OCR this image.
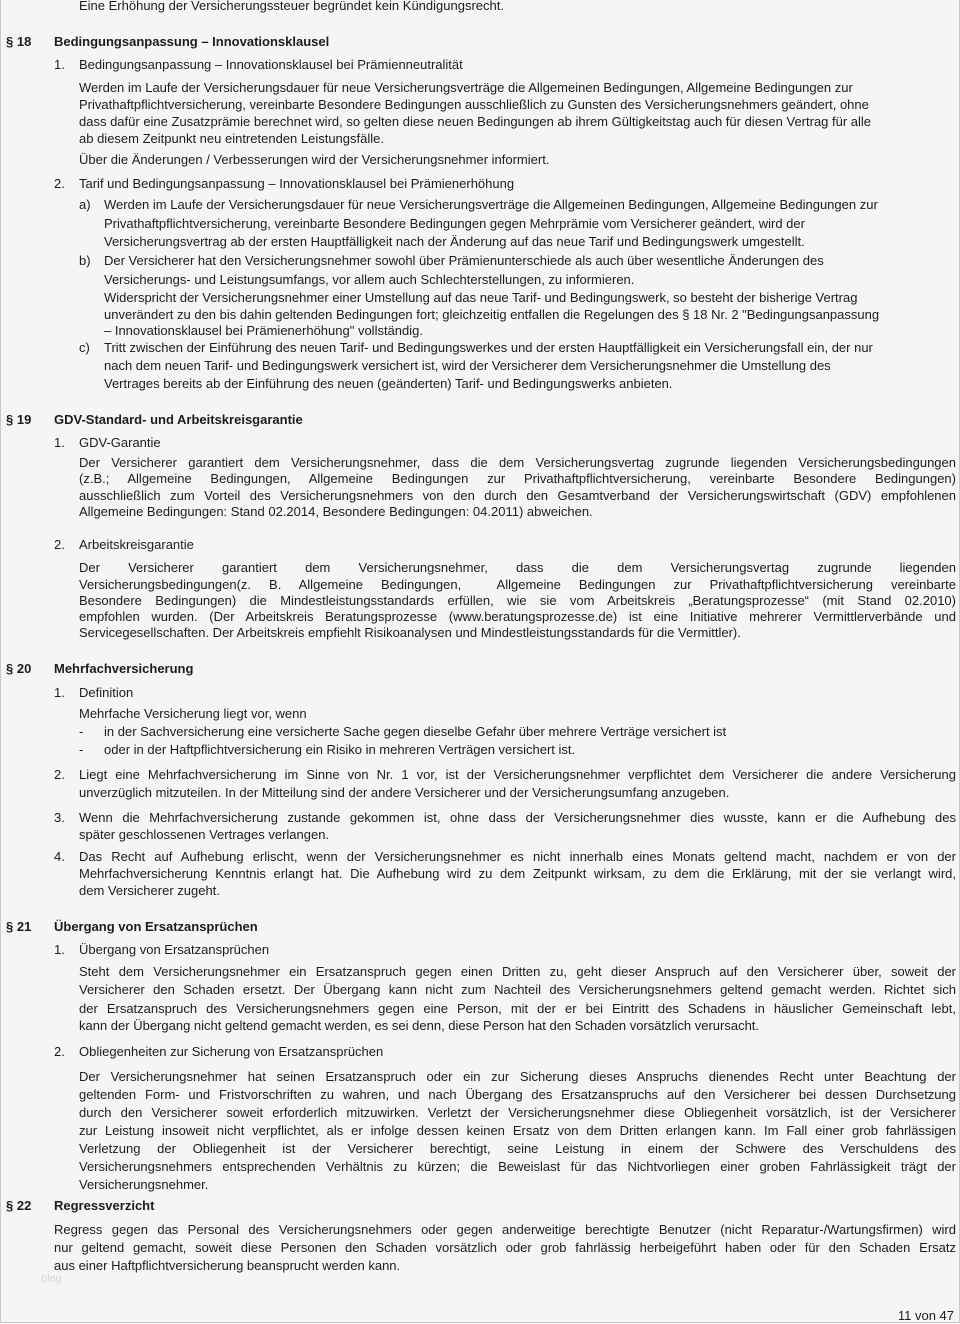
Eine Erhöhung der Versicherungssteuer begründet kein Kündigungsrecht.
§ 18 Bedingungsanpassung – Innovationsklausel
1. Bedingungsanpassung – Innovationsklausel bei Prämienneutralität
Werden im Laufe der Versicherungsdauer für neue Versicherungsverträge die Allgemeinen Bedingungen, Allgemeine Bedingungen zur
Privathaftpflichtversicherung, vereinbarte Besondere Bedingungen ausschließlich zu Gunsten des Versicherungsnehmers geändert, ohne
dass dafür eine Zusatzprämie berechnet wird, so gelten diese neuen Bedingungen ab ihrem Gültigkeitstag auch für diesen Vertrag für alle
ab diesem Zeitpunkt neu eintretenden Leistungsfälle.
Über die Änderungen / Verbesserungen wird der Versicherungsnehmer informiert.
2. Tarif und Bedingungsanpassung – Innovationsklausel bei Prämienerhöhung
a) Werden im Laufe der Versicherungsdauer für neue Versicherungsverträge die Allgemeinen Bedingungen, Allgemeine Bedingungen zur
Privathaftpflichtversicherung, vereinbarte Besondere Bedingungen gegen Mehrprämie vom Versicherer geändert, wird der
Versicherungsvertrag ab der ersten Hauptfälligkeit nach der Änderung auf das neue Tarif und Bedingungswerk umgestellt.
b) Der Versicherer hat den Versicherungsnehmer sowohl über Prämienunterschiede als auch über wesentliche Änderungen des
Versicherungs- und Leistungsumfangs, vor allem auch Schlechterstellungen, zu informieren.
Widerspricht der Versicherungsnehmer einer Umstellung auf das neue Tarif- und Bedingungswerk, so besteht der bisherige Vertrag
unverändert zu den bis dahin geltenden Bedingungen fort; gleichzeitig entfallen die Regelungen des § 18 Nr. 2 "Bedingungsanpassung
– Innovationsklausel bei Prämienerhöhung" vollständig.
c) Tritt zwischen der Einführung des neuen Tarif- und Bedingungswerkes und der ersten Hauptfälligkeit ein Versicherungsfall ein, der nur
nach dem neuen Tarif- und Bedingungswerk versichert ist, wird der Versicherer dem Versicherungsnehmer die Umstellung des
Vertrages bereits ab der Einführung des neuen (geänderten) Tarif- und Bedingungswerks anbieten.
§ 19 GDV-Standard- und Arbeitskreisgarantie
1. GDV-Garantie
Der Versicherer garantiert dem Versicherungsnehmer, dass die dem Versicherungsvertag zugrunde liegenden Versicherungsbedingungen
(z.B.; Allgemeine Bedingungen, Allgemeine Bedingungen zur Privathaftpflichtversicherung, vereinbarte Besondere Bedingungen)
ausschließlich zum Vorteil des Versicherungsnehmers von den durch den Gesamtverband der Versicherungswirtschaft (GDV) empfohlenen
Allgemeine Bedingungen: Stand 02.2014, Besondere Bedingungen: 04.2011) abweichen.
2. Arbeitskreisgarantie
Der Versicherer garantiert dem Versicherungsnehmer, dass die dem Versicherungsvertag zugrunde liegenden
Versicherungsbedingungen(z. B. Allgemeine Bedingungen,  Allgemeine Bedingungen zur Privathaftpflichtversicherung vereinbarte
Besondere Bedingungen) die Mindestleistungsstandards erfüllen, wie sie vom Arbeitskreis „Beratungsprozesse“ (mit Stand 02.2010)
empfohlen wurden. (Der Arbeitskreis Beratungsprozesse (www.beratungsprozesse.de) ist eine Initiative mehrerer Vermittlerverbände und
Servicegesellschaften. Der Arbeitskreis empfiehlt Risikoanalysen und Mindestleistungsstandards für die Vermittler).
§ 20 Mehrfachversicherung
1. Definition
Mehrfache Versicherung liegt vor, wenn
- in der Sachversicherung eine versicherte Sache gegen dieselbe Gefahr über mehrere Verträge versichert ist
- oder in der Haftpflichtversicherung ein Risiko in mehreren Verträgen versichert ist.
2. Liegt eine Mehrfachversicherung im Sinne von Nr. 1 vor, ist der Versicherungsnehmer verpflichtet dem Versicherer die andere Versicherung
unverzüglich mitzuteilen. In der Mitteilung sind der andere Versicherer und der Versicherungsumfang anzugeben.
3. Wenn die Mehrfachversicherung zustande gekommen ist, ohne dass der Versicherungsnehmer dies wusste, kann er die Aufhebung des
später geschlossenen Vertrages verlangen.
4. Das Recht auf Aufhebung erlischt, wenn der Versicherungsnehmer es nicht innerhalb eines Monats geltend macht, nachdem er von der
Mehrfachversicherung Kenntnis erlangt hat. Die Aufhebung wird zu dem Zeitpunkt wirksam, zu dem die Erklärung, mit der sie verlangt wird,
dem Versicherer zugeht.
§ 21 Übergang von Ersatzansprüchen
1. Übergang von Ersatzansprüchen
Steht dem Versicherungsnehmer ein Ersatzanspruch gegen einen Dritten zu, geht dieser Anspruch auf den Versicherer über, soweit der
Versicherer den Schaden ersetzt. Der Übergang kann nicht zum Nachteil des Versicherungsnehmers geltend gemacht werden. Richtet sich
der Ersatzanspruch des Versicherungsnehmers gegen eine Person, mit der er bei Eintritt des Schadens in häuslicher Gemeinschaft lebt,
kann der Übergang nicht geltend gemacht werden, es sei denn, diese Person hat den Schaden vorsätzlich verursacht.
2. Obliegenheiten zur Sicherung von Ersatzansprüchen
Der Versicherungsnehmer hat seinen Ersatzanspruch oder ein zur Sicherung dieses Anspruchs dienendes Recht unter Beachtung der
geltenden Form- und Fristvorschriften zu wahren, und nach Übergang des Ersatzanspruchs auf den Versicherer bei dessen Durchsetzung
durch den Versicherer soweit erforderlich mitzuwirken. Verletzt der Versicherungsnehmer diese Obliegenheit vorsätzlich, ist der Versicherer
zur Leistung insoweit nicht verpflichtet, als er infolge dessen keinen Ersatz von dem Dritten erlangen kann. Im Fall einer grob fahrlässigen
Verletzung der Obliegenheit ist der Versicherer berechtigt, seine Leistung in einem der Schwere des Verschuldens des
Versicherungsnehmers entsprechenden Verhältnis zu kürzen; die Beweislast für das Nichtvorliegen einer groben Fahrlässigkeit trägt der
Versicherungsnehmer.
§ 22 Regressverzicht
Regress gegen das Personal des Versicherungsnehmers oder gegen anderweitige berechtigte Benutzer (nicht Reparatur-/Wartungsfirmen) wird
nur geltend gemacht, soweit diese Personen den Schaden vorsätzlich oder grob fahrlässig herbeigeführt haben oder für den Schaden Ersatz
aus einer Haftpflichtversicherung beansprucht werden kann.
blog
11 von 47
